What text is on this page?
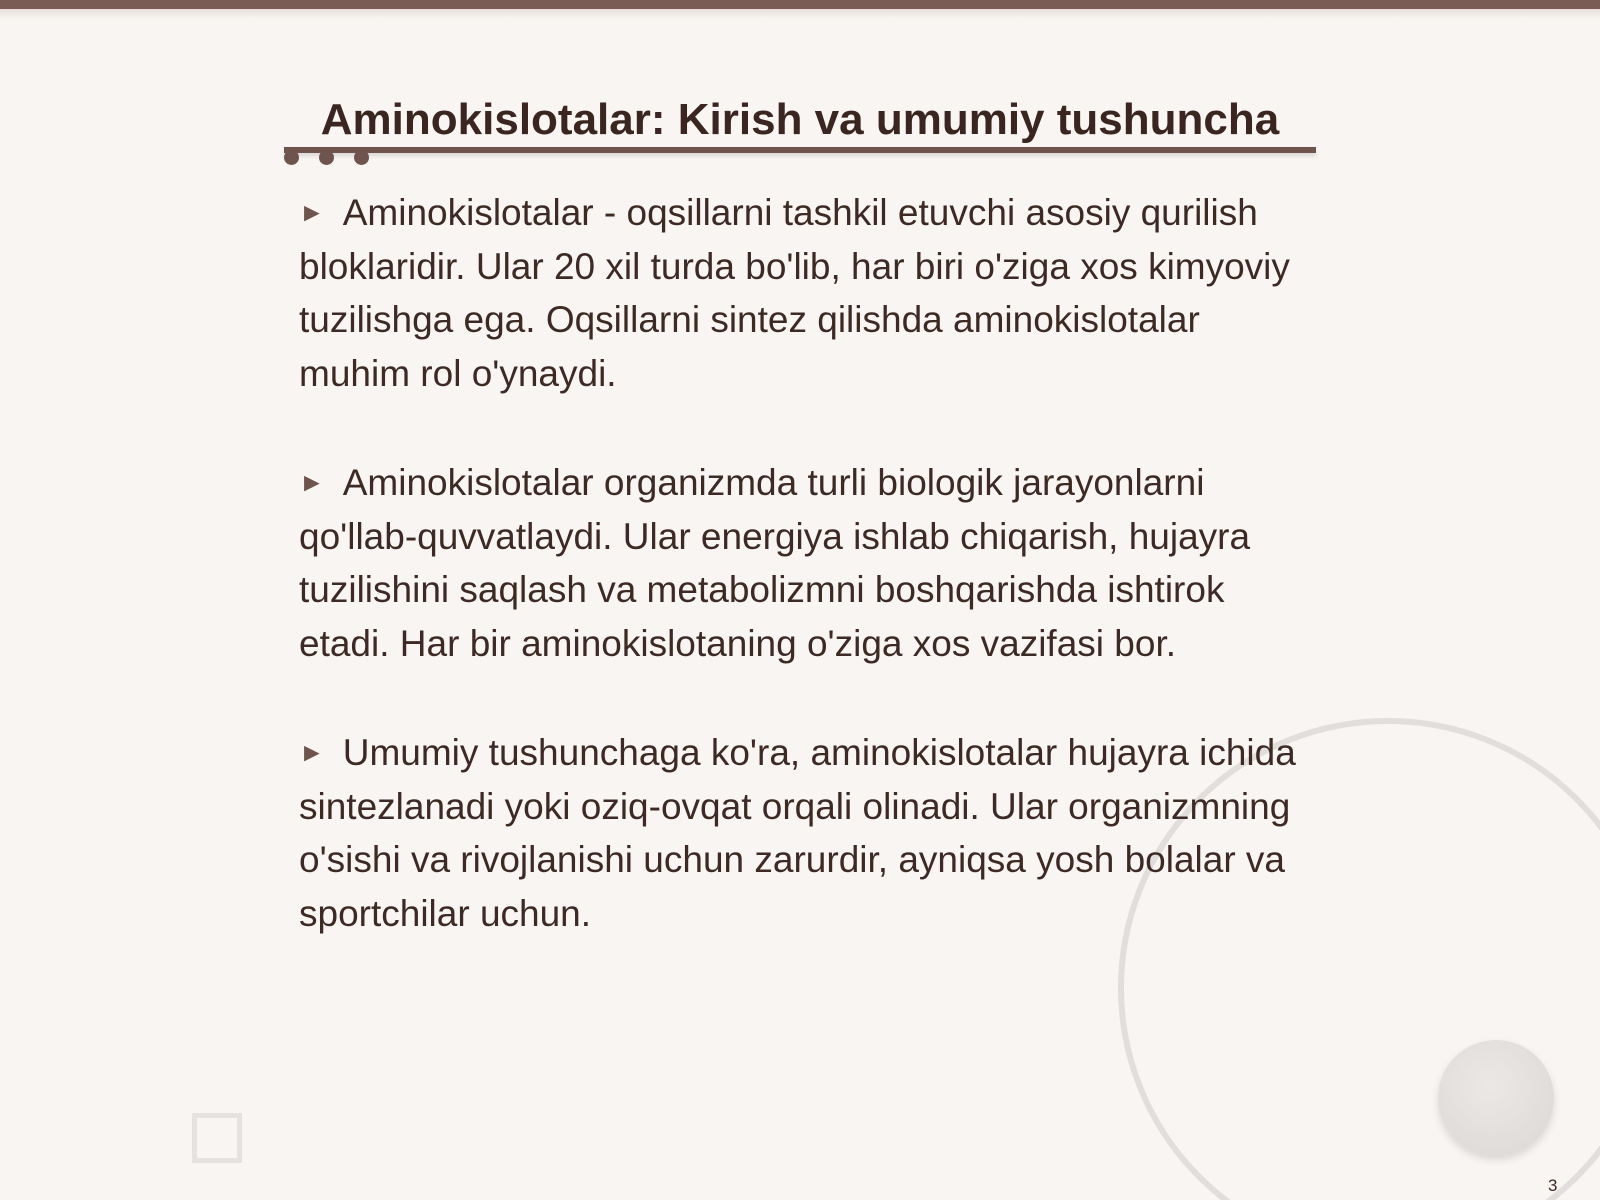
Aminokislotalar: Kirish va umumiy tushuncha
► Aminokislotalar - oqsillarni tashkil etuvchi asosiy qurilish bloklaridir. Ular 20 xil turda bo'lib, har biri o'ziga xos kimyoviy tuzilishga ega. Oqsillarni sintez qilishda aminokislotalar muhim rol o'ynaydi.
► Aminokislotalar organizmda turli biologik jarayonlarni qo'llab-quvvatlaydi. Ular energiya ishlab chiqarish, hujayra tuzilishini saqlash va metabolizmni boshqarishda ishtirok etadi. Har bir aminokislotaning o'ziga xos vazifasi bor.
► Umumiy tushunchaga ko'ra, aminokislotalar hujayra ichida sintezlanadi yoki oziq-ovqat orqali olinadi. Ular organizmning o'sishi va rivojlanishi uchun zarurdir, ayniqsa yosh bolalar va sportchilar uchun.
3
